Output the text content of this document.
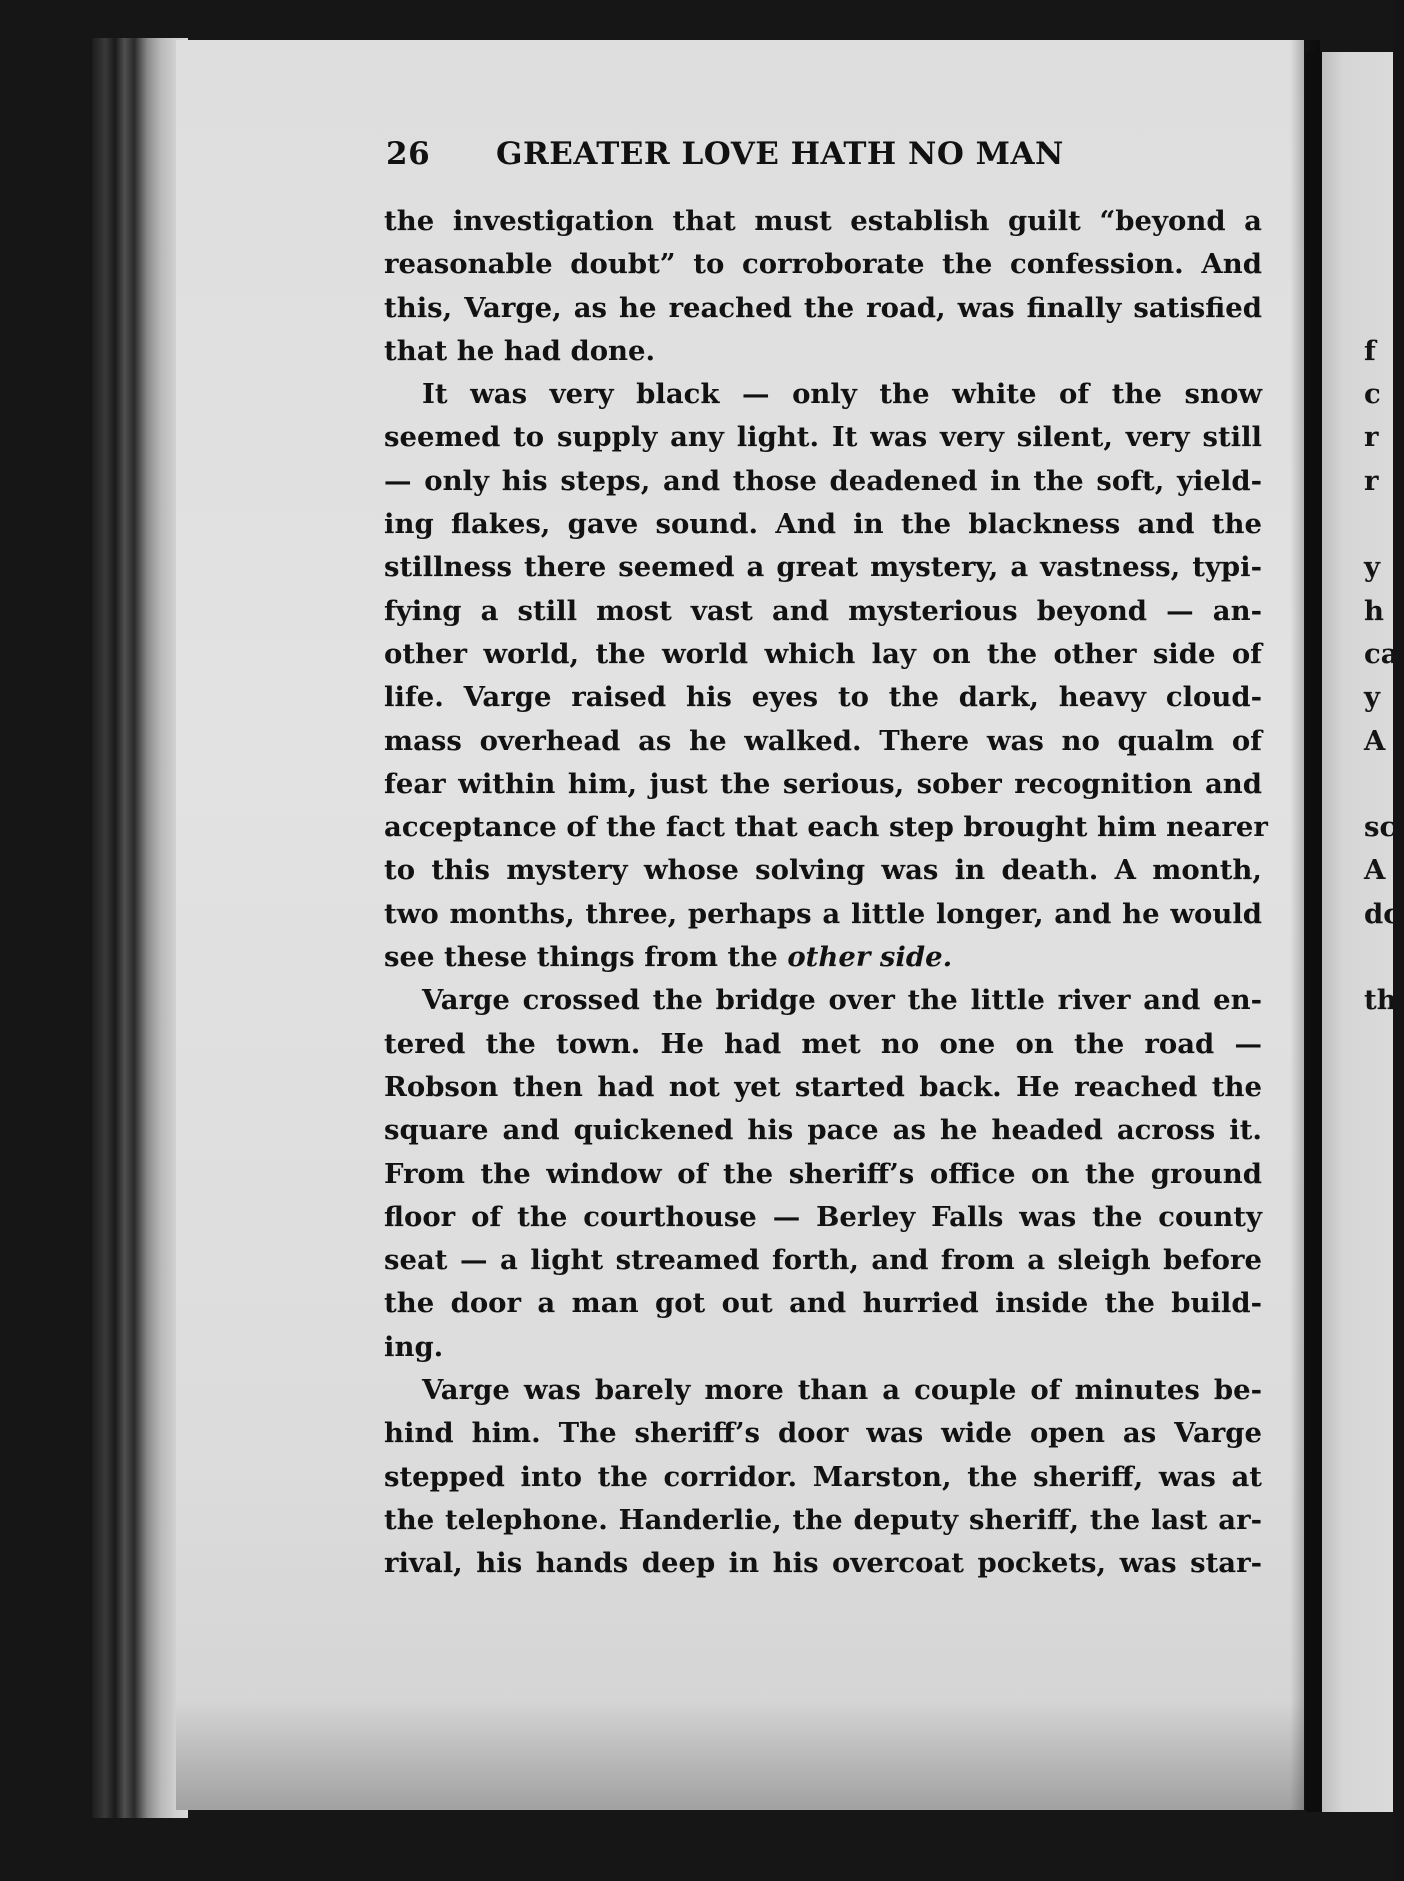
26 GREATER LOVE HATH NO MAN
the investigation that must establish guilt “beyond a
reasonable doubt” to corroborate the confession. And
this, Varge, as he reached the road, was finally satisfied
that he had done.
It was very black — only the white of the snow
seemed to supply any light. It was very silent, very still
— only his steps, and those deadened in the soft, yield-
ing flakes, gave sound. And in the blackness and the
stillness there seemed a great mystery, a vastness, typi-
fying a still most vast and mysterious beyond — an-
other world, the world which lay on the other side of
life. Varge raised his eyes to the dark, heavy cloud-
mass overhead as he walked. There was no qualm of
fear within him, just the serious, sober recognition and
acceptance of the fact that each step brought him nearer
to this mystery whose solving was in death. A month,
two months, three, perhaps a little longer, and he would
see these things from the other side.
Varge crossed the bridge over the little river and en-
tered the town. He had met no one on the road —
Robson then had not yet started back. He reached the
square and quickened his pace as he headed across it.
From the window of the sheriff’s office on the ground
floor of the courthouse — Berley Falls was the county
seat — a light streamed forth, and from a sleigh before
the door a man got out and hurried inside the build-
ing.
Varge was barely more than a couple of minutes be-
hind him. The sheriff’s door was wide open as Varge
stepped into the corridor. Marston, the sheriff, was at
the telephone. Handerlie, the deputy sheriff, the last ar-
rival, his hands deep in his overcoat pockets, was star-
f
c
r
r
y
h
ca
y
A
sc
A
dc
th
